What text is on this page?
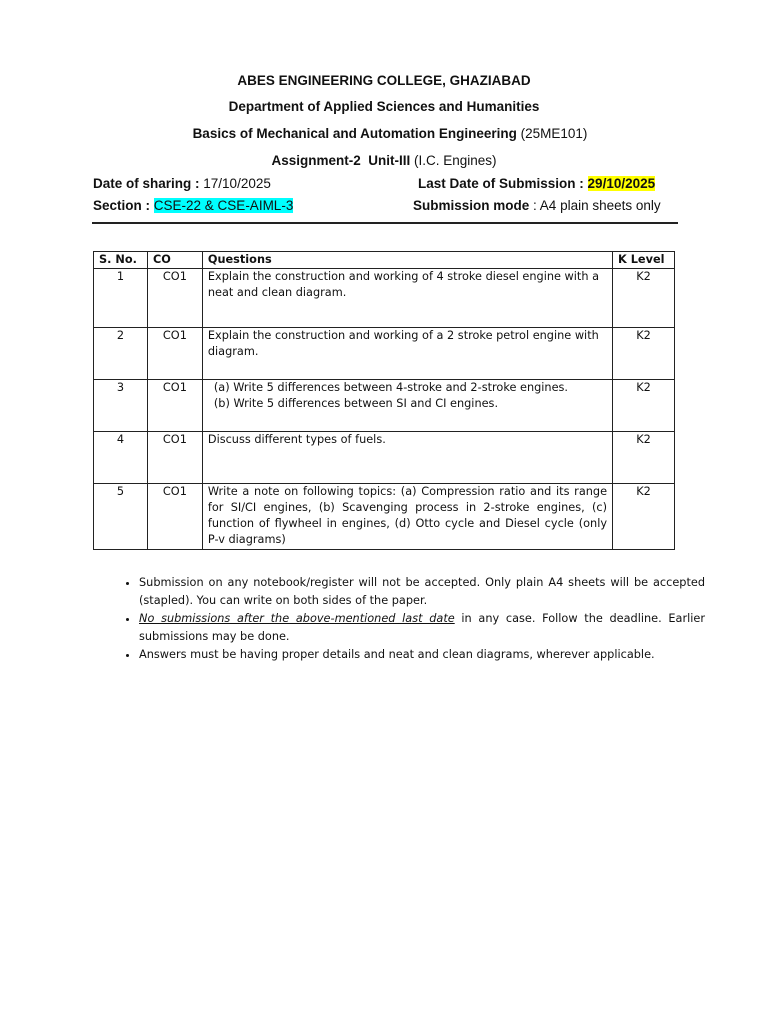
ABES ENGINEERING COLLEGE, GHAZIABAD
Department of Applied Sciences and Humanities
Basics of Mechanical and Automation Engineering (25ME101)
Assignment-2 Unit-III (I.C. Engines)
Date of sharing : 17/10/2025	Last Date of Submission : 29/10/2025
Section : CSE-22 & CSE-AIML-3	Submission mode : A4 plain sheets only
S. No.	CO	Questions	K Level
1	CO1	Explain the construction and working of 4 stroke diesel engine with a neat and clean diagram.	K2
2	CO1	Explain the construction and working of a 2 stroke petrol engine with diagram.	K2
3	CO1	(a) Write 5 differences between 4-stroke and 2-stroke engines.
(b) Write 5 differences between SI and CI engines.	K2
4	CO1	Discuss different types of fuels.	K2
5	CO1	Write a note on following topics: (a) Compression ratio and its range for SI/CI engines, (b) Scavenging process in 2-stroke engines, (c) function of flywheel in engines, (d) Otto cycle and Diesel cycle (only P-v diagrams)	K2
• Submission on any notebook/register will not be accepted. Only plain A4 sheets will be accepted (stapled). You can write on both sides of the paper.
• No submissions after the above-mentioned last date in any case. Follow the deadline. Earlier submissions may be done.
• Answers must be having proper details and neat and clean diagrams, wherever applicable.
